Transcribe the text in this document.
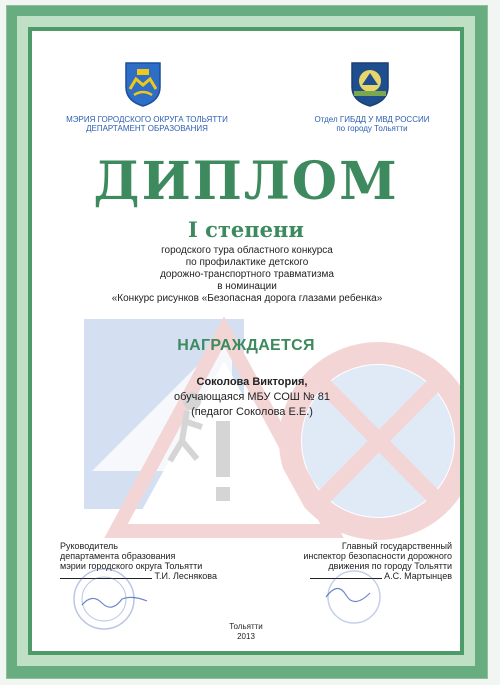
МЭРИЯ ГОРОДСКОГО ОКРУГА ТОЛЬЯТТИ
ДЕПАРТАМЕНТ ОБРАЗОВАНИЯ
Отдел ГИБДД У МВД РОССИИ
по городу Тольятти
ДИПЛОМ
I степени
городского тура областного конкурса
по профилактике детского
дорожно-транспортного травматизма
в номинации
«Конкурс рисунков «Безопасная дорога глазами ребенка»
НАГРАЖДАЕТСЯ
Соколова Виктория,
обучающаяся МБУ СОШ № 81
(педагог Соколова Е.Е.)
Руководитель
департамента образования
мэрии городского округа Тольятти
Т.И. Леснякова
Главный государственный
инспектор безопасности дорожного
движения по городу Тольятти
А.С. Мартынцев
Тольятти
2013
